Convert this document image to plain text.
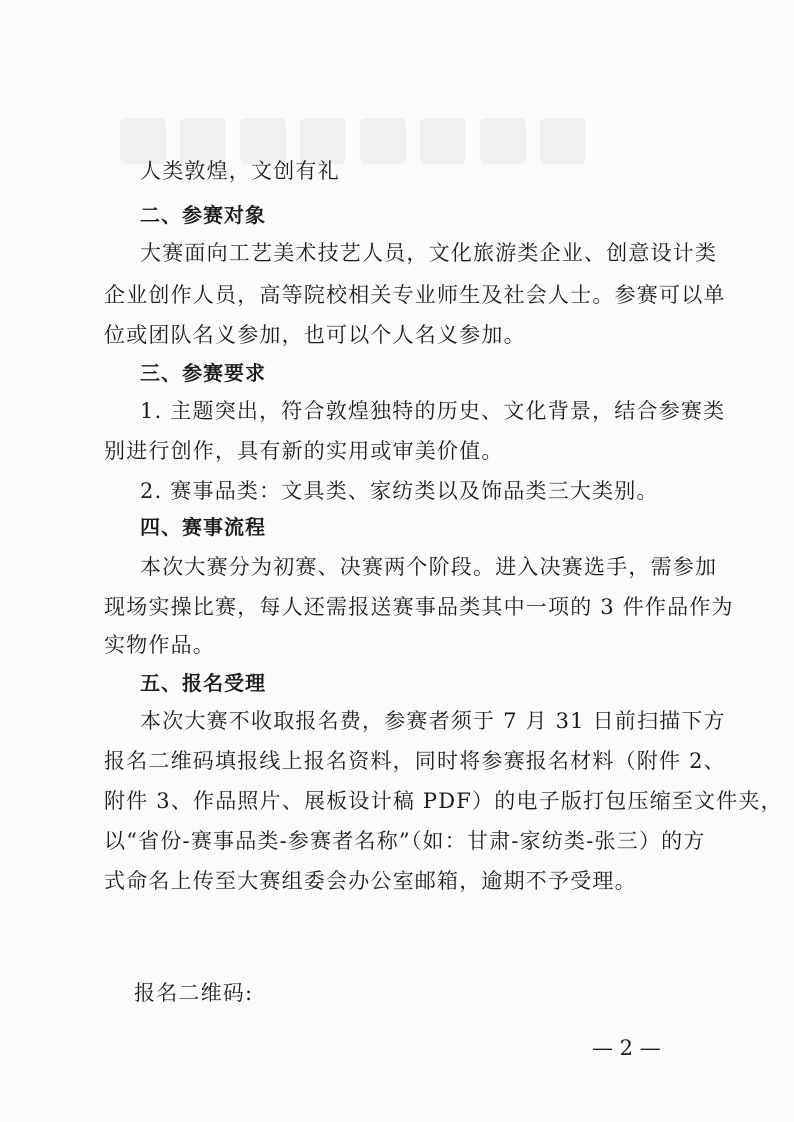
人类敦煌，文创有礼
二、参赛对象
大赛面向工艺美术技艺人员，文化旅游类企业、创意设计类
企业创作人员，高等院校相关专业师生及社会人士。参赛可以单
位或团队名义参加，也可以个人名义参加。
三、参赛要求
1. 主题突出，符合敦煌独特的历史、文化背景，结合参赛类
别进行创作，具有新的实用或审美价值。
2. 赛事品类：文具类、家纺类以及饰品类三大类别。
四、赛事流程
本次大赛分为初赛、决赛两个阶段。进入决赛选手，需参加
现场实操比赛，每人还需报送赛事品类其中一项的 3 件作品作为
实物作品。
五、报名受理
本次大赛不收取报名费，参赛者须于 7 月 31 日前扫描下方
报名二维码填报线上报名资料，同时将参赛报名材料（附件 2、
附件 3、作品照片、展板设计稿 PDF）的电子版打包压缩至文件夹，
以“省份-赛事品类-参赛者名称”（如：甘肃-家纺类-张三）的方
式命名上传至大赛组委会办公室邮箱，逾期不予受理。
报名二维码:
— 2 —
